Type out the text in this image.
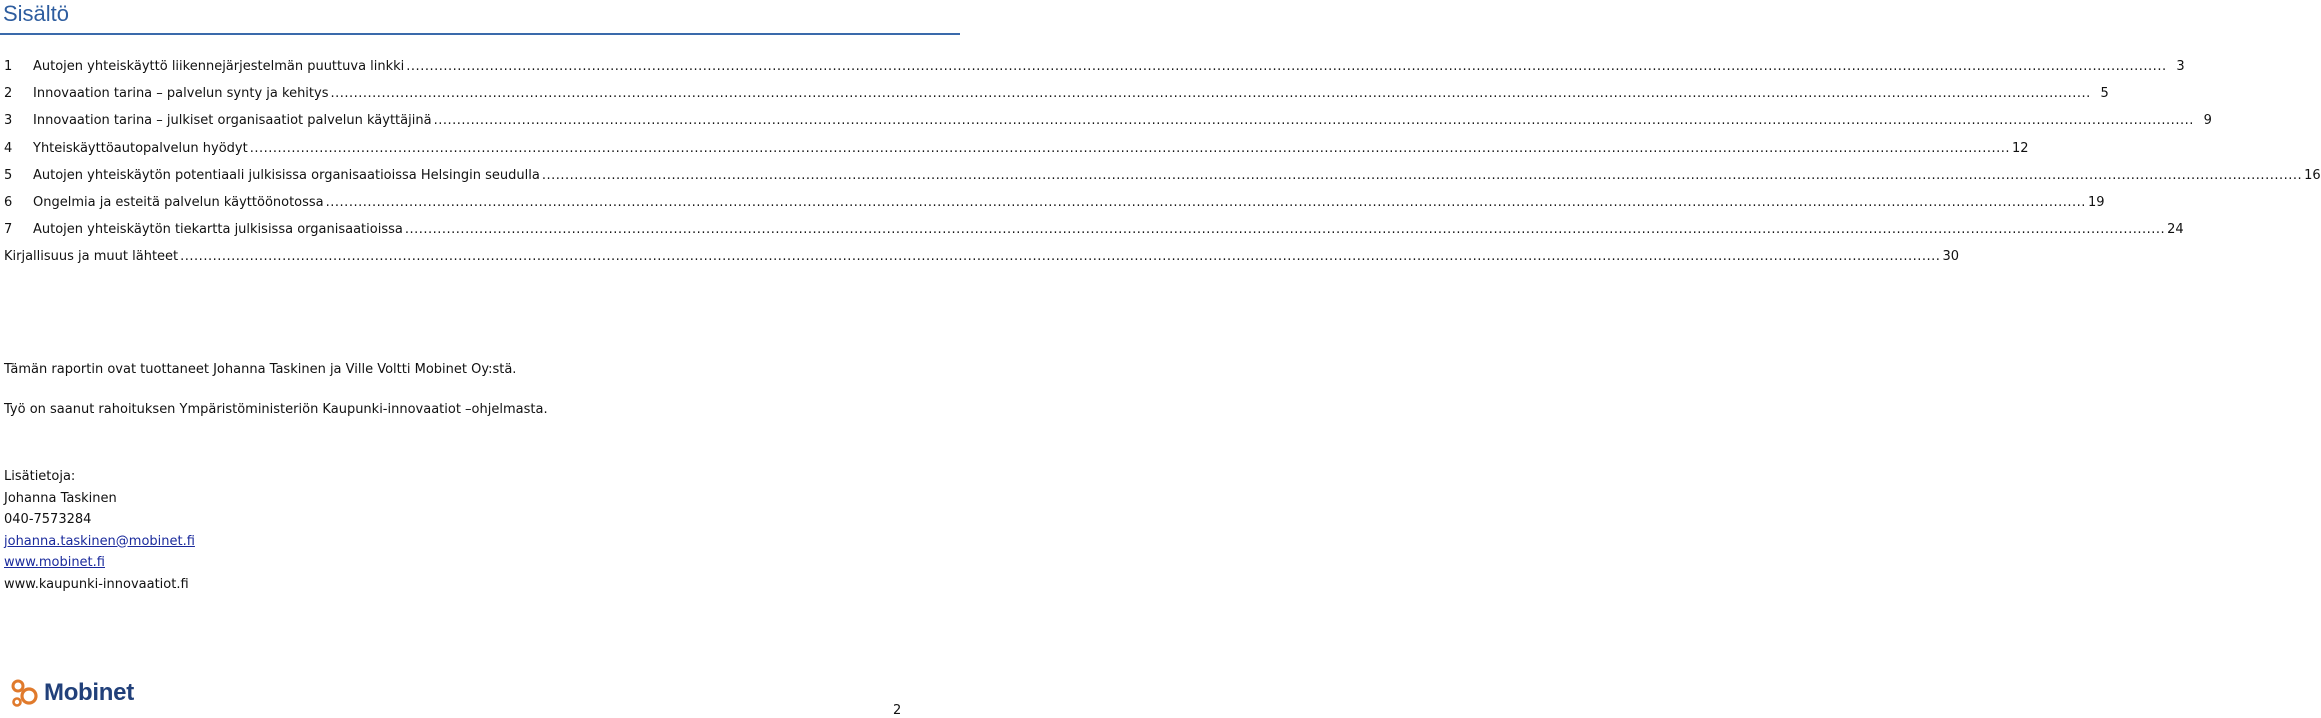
Sisältö
1	Autojen yhteiskäyttö liikennejärjestelmän puuttuva linkki .....	3
2	Innovaation tarina – palvelun synty ja kehitys .....	5
3	Innovaation tarina – julkiset organisaatiot palvelun käyttäjinä .....	9
4	Yhteiskäyttöautopalvelun hyödyt .....	12
5	Autojen yhteiskäytön potentiaali julkisissa organisaatioissa Helsingin seudulla .....	16
6	Ongelmia ja esteitä palvelun käyttöönotossa .....	19
7	Autojen yhteiskäytön tiekartta julkisissa organisaatioissa .....	24
Kirjallisuus ja muut lähteet .....	30
Tämän raportin ovat tuottaneet Johanna Taskinen ja Ville Voltti Mobinet Oy:stä.
Työ on saanut rahoituksen Ympäristöministeriön Kaupunki-innovaatiot –ohjelmasta.
Lisätietoja:
Johanna Taskinen
040-7573284
johanna.taskinen@mobinet.fi
www.mobinet.fi
www.kaupunki-innovaatiot.fi
Mobinet
2
